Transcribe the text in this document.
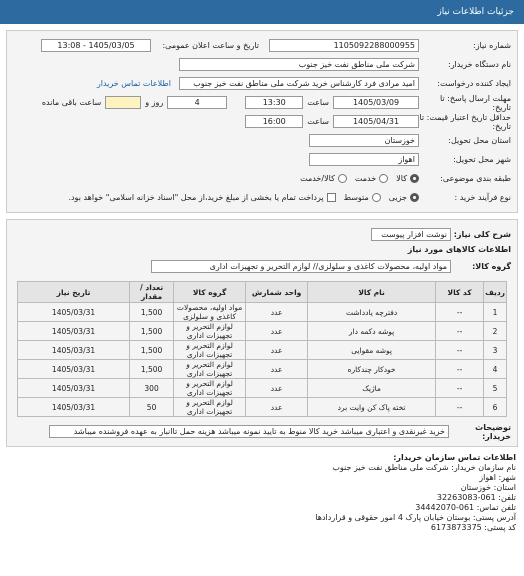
جزئیات اطلاعات نیاز
شماره نیاز:
1105092288000955
تاریخ و ساعت اعلان عمومی:
1405/03/05 - 13:08
نام دستگاه خریدار:
شرکت ملی مناطق نفت خیز جنوب
ایجاد کننده درخواست:
امید مرادی فرد کارشناس خرید شرکت ملی مناطق نفت خیز جنوب
اطلاعات تماس خریدار
مهلت ارسال پاسخ: تا تاریخ:
1405/03/09
ساعت
13:30
4
روز و
ساعت باقی مانده
حداقل تاریخ اعتبار قیمت: تا تاریخ:
1405/04/31
ساعت
16:00
استان محل تحویل:
خوزستان
شهر محل تحویل:
اهواز
طبقه بندی موضوعی:
کالا
خدمت
کالا/خدمت
نوع فرآیند خرید :
جزیی
متوسط
پرداخت تمام یا بخشی از مبلغ خرید،از محل "اسناد خزانه اسلامی" خواهد بود.
شرح کلی نیاز:
نوشت افزار پیوست
اطلاعات کالاهای مورد نیاز
گروه کالا:
مواد اولیه، محصولات کاغذی و سلولزی// لوازم التحریر و تجهیزات اداری
ردیف	کد کالا	نام کالا	واحد شمارش	گروه کالا	تعداد / مقدار	تاریخ نیاز
1	--	دفترچه یادداشت	عدد	مواد اولیه، محصولات کاغذی و سلولزی	1,500	1405/03/31
2	--	پوشه دکمه دار	عدد	لوازم التحریر و تجهیزات اداری	1,500	1405/03/31
3	--	پوشه مقوایی	عدد	لوازم التحریر و تجهیزات اداری	1,500	1405/03/31
4	--	خودکار چندکاره	عدد	لوازم التحریر و تجهیزات اداری	1,500	1405/03/31
5	--	ماژیک	عدد	لوازم التحریر و تجهیزات اداری	300	1405/03/31
6	--	تخته پاک کن وایت برد	عدد	لوازم التحریر و تجهیزات اداری	50	1405/03/31
توضیحات خریدار:
خرید غیرنقدی و اعتباری میباشد خرید کالا منوط به تایید نمونه میباشد هزینه حمل تاانبار به عهده فروشنده میباشد
اطلاعات تماس سازمان خریدار:
نام سازمان خریدار: شرکت ملی مناطق نفت خیز جنوب
شهر: اهواز
استان: خوزستان
تلفن: 061-32263083
تلفن تماس: 061-34442070
آدرس پستی: بوستان خیابان پارک 4 امور حقوقی و قراردادها
کد پستی: 6173873375
